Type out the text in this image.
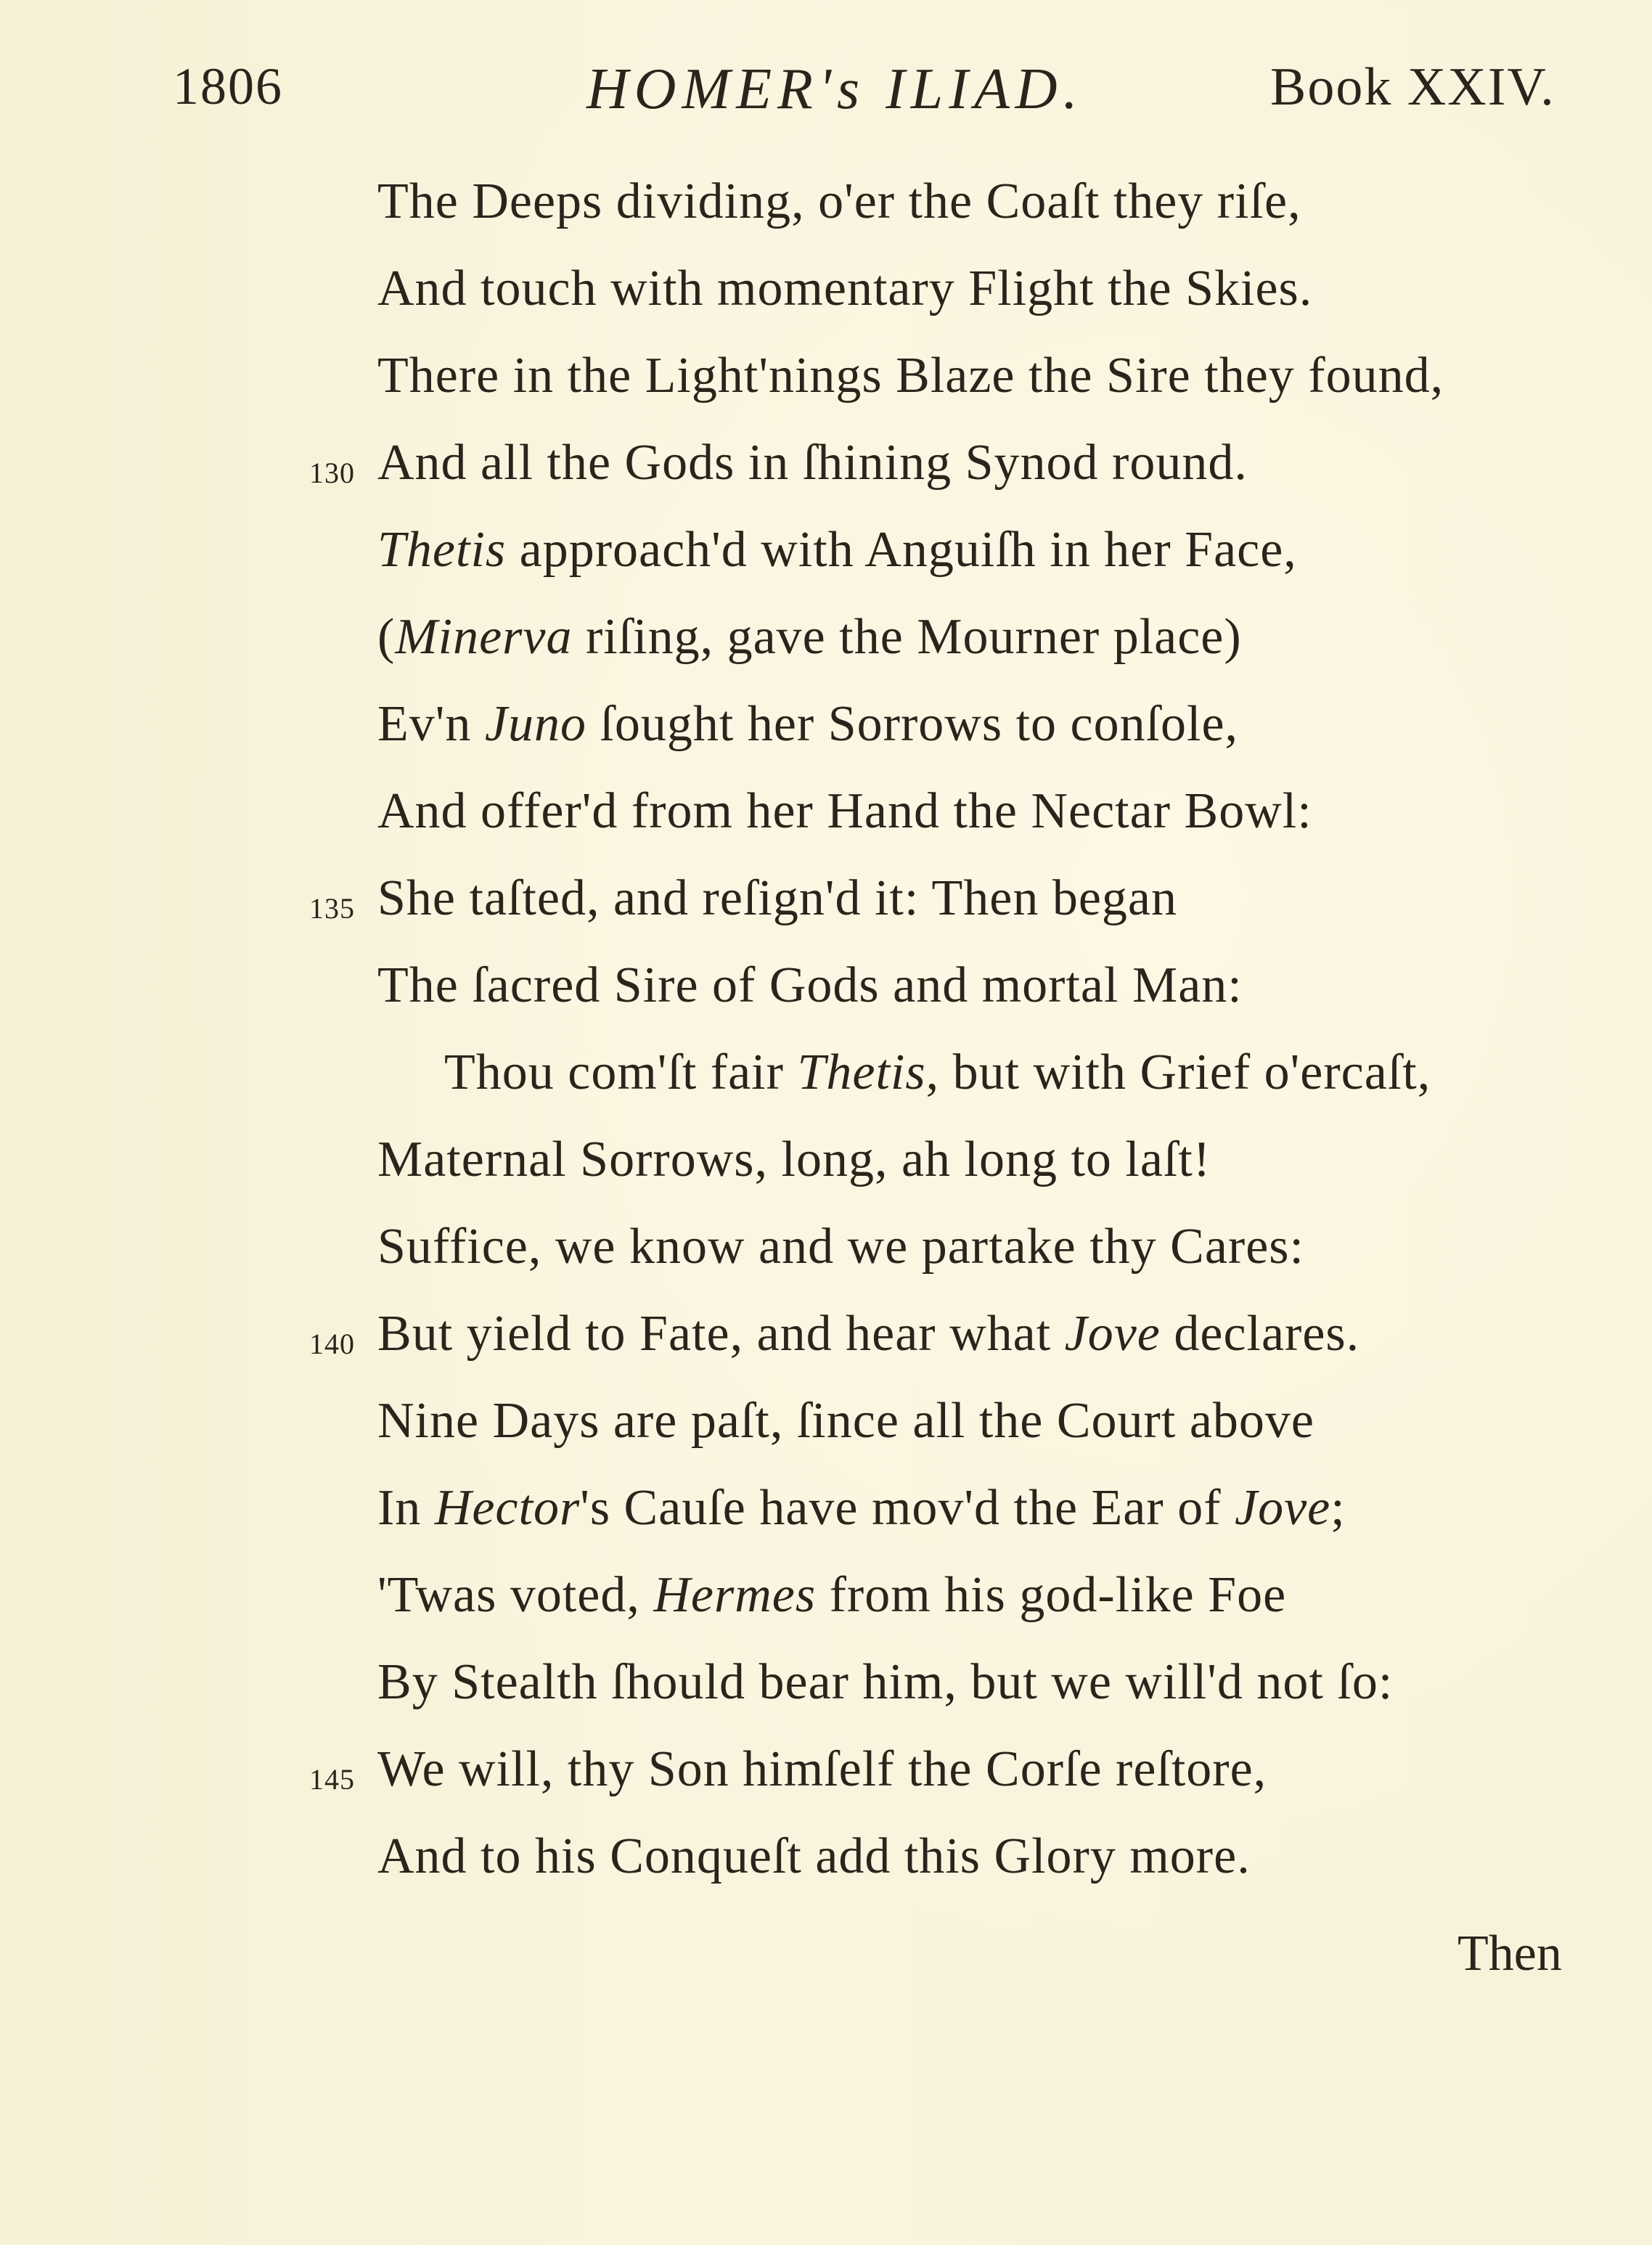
1806	HOMER's ILIAD.	Book XXIV.
130
135
140
145
The Deeps dividing, o'er the Coaſt they riſe,
And touch with momentary Flight the Skies.
There in the Light'nings Blaze the Sire they found,
And all the Gods in ſhining Synod round.
Thetis approach'd with Anguiſh in her Face,
(Minerva riſing, gave the Mourner place)
Ev'n Juno ſought her Sorrows to conſole,
And offer'd from her Hand the Nectar Bowl:
She taſted, and reſign'd it: Then began
The ſacred Sire of Gods and mortal Man:
Thou com'ſt fair Thetis, but with Grief o'ercaſt,
Maternal Sorrows, long, ah long to laſt!
Suffice, we know and we partake thy Cares:
But yield to Fate, and hear what Jove declares.
Nine Days are paſt, ſince all the Court above
In Hector's Cauſe have mov'd the Ear of Jove;
'Twas voted, Hermes from his god-like Foe
By Stealth ſhould bear him, but we will'd not ſo:
We will, thy Son himſelf the Corſe reſtore,
And to his Conqueſt add this Glory more.
Then
